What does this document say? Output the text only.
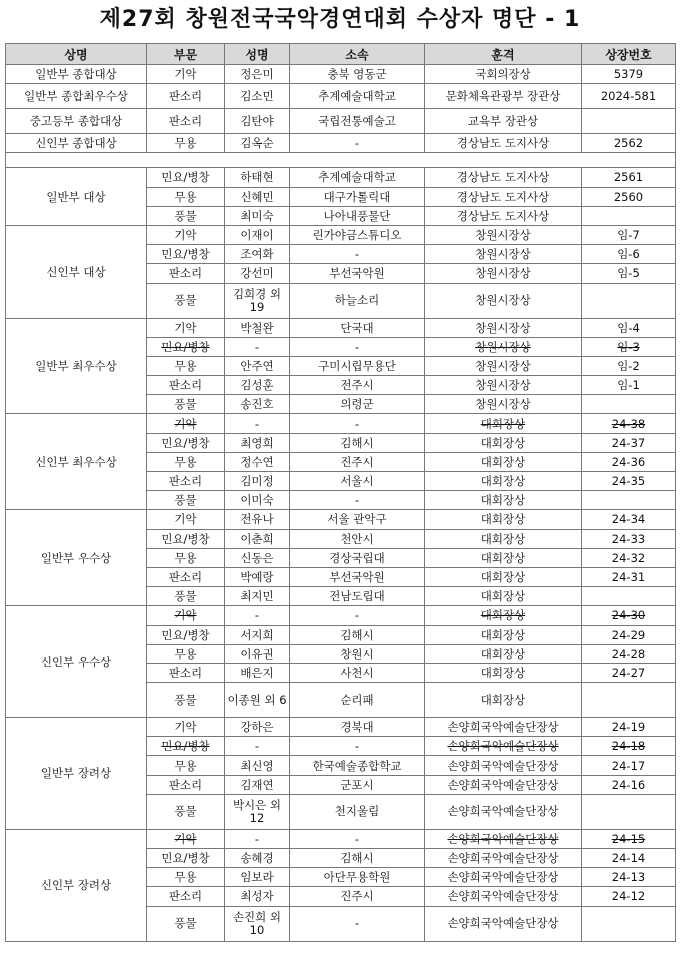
제27회 창원전국국악경연대회 수상자 명단 - 1
상명	부문	성명	소속	훈격	상장번호
일반부 종합대상	기악	정은미	충북 영동군	국회의장상	5379
일반부 종합최우수상	판소리	김소민	추계예술대학교	문화체육관광부 장관상	2024-581
중고등부 종합대상	판소리	김탄야	국립전통예술고	교육부 장관상	
신인부 종합대상	무용	김옥순	-	경상남도 도지사상	2562

일반부 대상	민요/병창	하태현	추계예술대학교	경상남도 도지사상	2561
	무용	신혜민	대구가톨릭대	경상남도 도지사상	2560
	풍물	최미숙	나아내풍물단	경상남도 도지사상	
신인부 대상	기악	이재이	린가야금스튜디오	창원시장상	임-7
	민요/병창	조여화	-	창원시장상	임-6
	판소리	강선미	부선국악원	창원시장상	임-5
	풍물	김희경 외 19	하늘소리	창원시장상	
일반부 최우수상	기악	박철완	단국대	창원시장상	임-4
	민요/병창	-	-	창원시장상	임-3
	무용	안주연	구미시립무용단	창원시장상	임-2
	판소리	김성훈	전주시	창원시장상	임-1
	풍물	송진호	의령군	창원시장상	
신인부 최우수상	기악	-	-	대회장상	24-38
	민요/병창	최영희	김해시	대회장상	24-37
	무용	정수연	진주시	대회장상	24-36
	판소리	김미정	서울시	대회장상	24-35
	풍물	이미숙	-	대회장상	
일반부 우수상	기악	전유나	서울 관악구	대회장상	24-34
	민요/병창	이춘희	천안시	대회장상	24-33
	무용	신동은	경상국립대	대회장상	24-32
	판소리	박예랑	부선국악원	대회장상	24-31
	풍물	최지민	전남도립대	대회장상	
신인부 우수상	기악	-	-	대회장상	24-30
	민요/병창	서지희	김해시	대회장상	24-29
	무용	이유권	창원시	대회장상	24-28
	판소리	배은지	사천시	대회장상	24-27
	풍물	이종원 외 6	순리패	대회장상	
일반부 장려상	기악	강하은	경북대	손양희국악예술단장상	24-19
	민요/병창	-	-	손양희국악예술단장상	24-18
	무용	최신영	한국예술종합학교	손양희국악예술단장상	24-17
	판소리	김재연	군포시	손양희국악예술단장상	24-16
	풍물	박시은 외 12	천지울림	손양희국악예술단장상	
신인부 장려상	기악	-	-	손양희국악예술단장상	24-15
	민요/병창	송혜경	김해시	손양희국악예술단장상	24-14
	무용	임보라	아단무용학원	손양희국악예술단장상	24-13
	판소리	최성자	진주시	손양희국악예술단장상	24-12
	풍물	손진희 외 10	-	손양희국악예술단장상	
